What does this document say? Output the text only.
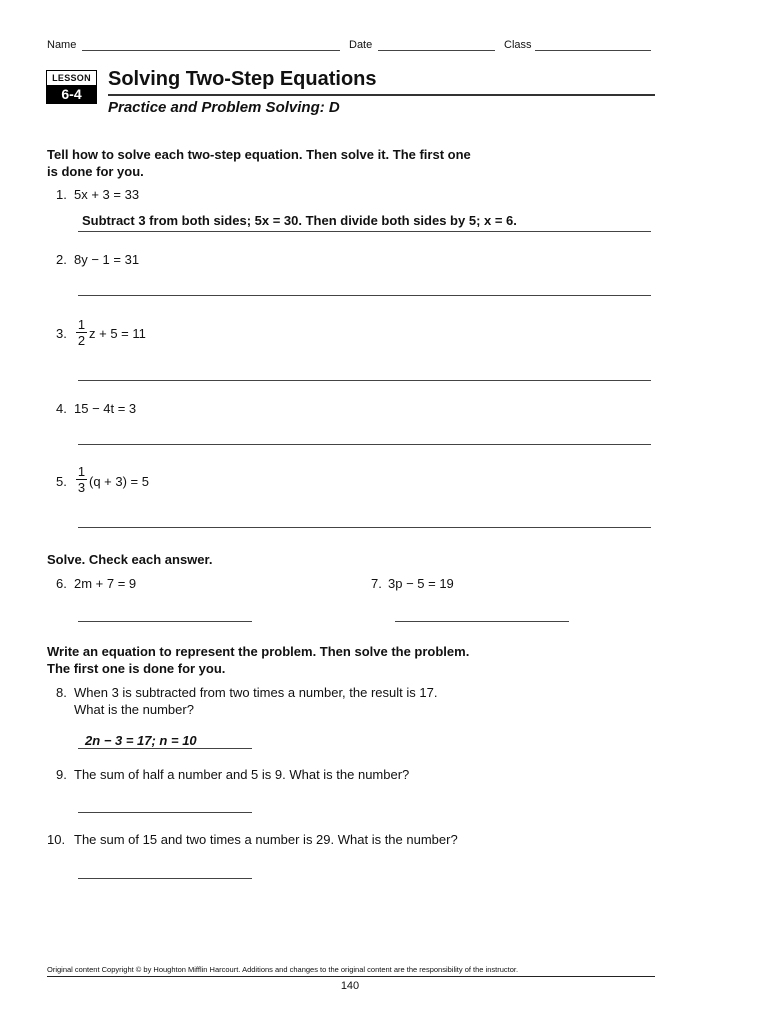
Name	Date	Class
LESSON
6-4
Solving Two-Step Equations
Practice and Problem Solving: D
Tell how to solve each two-step equation. Then solve it. The first one
is done for you.
1. 5x + 3 = 33
Subtract 3 from both sides; 5x = 30. Then divide both sides by 5; x = 6.
2. 8y − 1 = 31
3.
1
2 z + 5 = 11
4. 15 − 4t = 3
5.
1
3 (q + 3) = 5
Solve. Check each answer.
6. 2m + 7 = 9	7. 3p − 5 = 19
Write an equation to represent the problem. Then solve the problem.
The first one is done for you.
8. When 3 is subtracted from two times a number, the result is 17.
What is the number?
2n − 3 = 17; n = 10
9. The sum of half a number and 5 is 9. What is the number?
10. The sum of 15 and two times a number is 29. What is the number?
Original content Copyright © by Houghton Mifflin Harcourt. Additions and changes to the original content are the responsibility of the instructor.
140
